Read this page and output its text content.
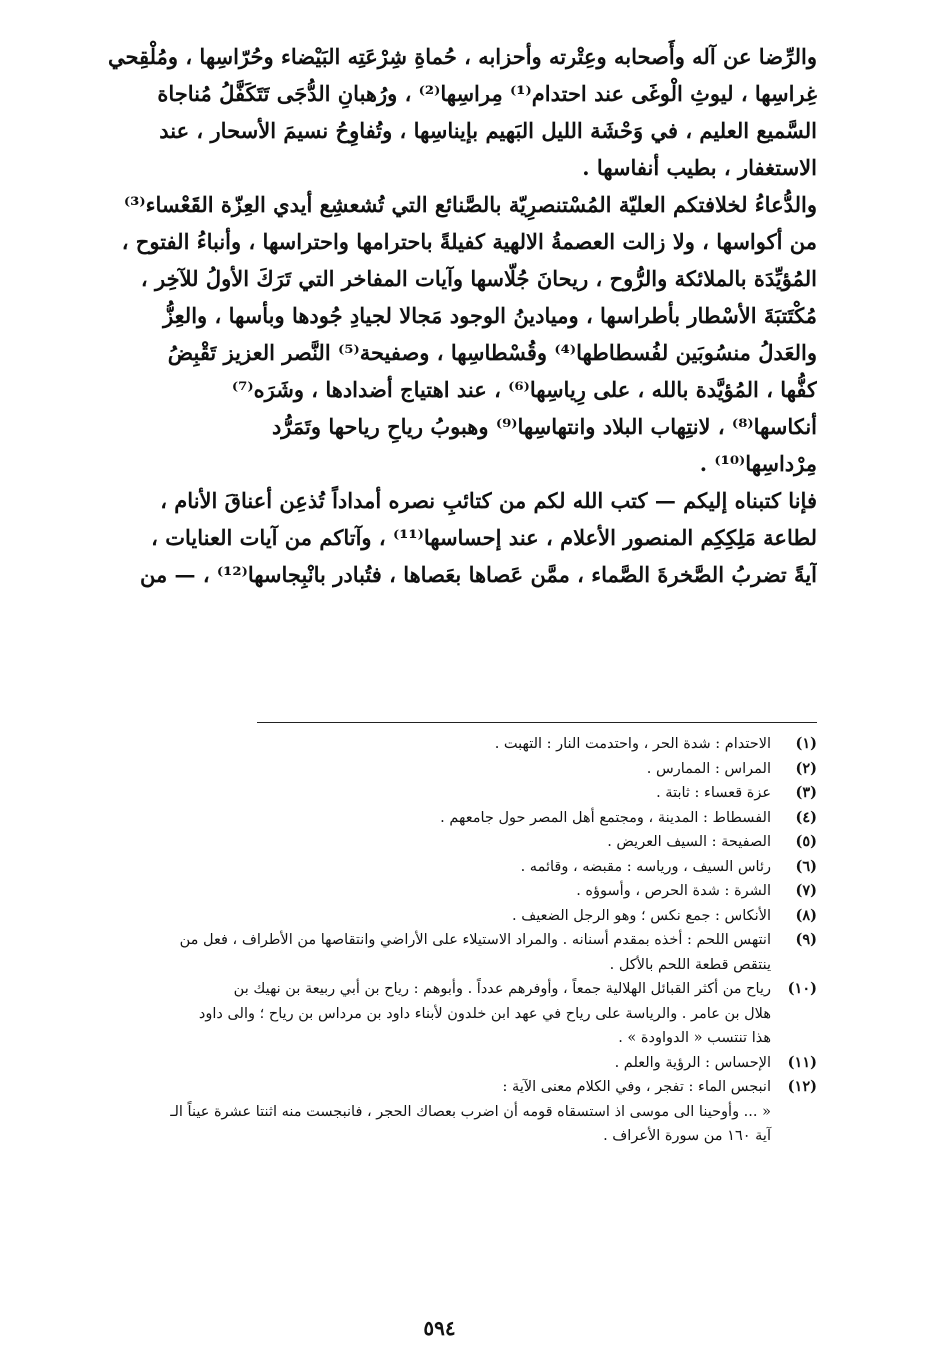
والرِّضا عن آله وأَصحابه وعِتْرته وأحزابه ، حُماةِ شِرْعَتِه البَيْضاء وحُرّاسِها ، ومُلْقِحي
غِراسِها ، ليوثِ الْوغَى عند احتدام⁽¹⁾ مِراسِها⁽²⁾ ، ورُهبانِ الدُّجَى تَتَكَفَّلُ مُناجاة
السَّميع العليم ، في وَحْشَة الليل البَهيم بإيناسِها ، وتُفاوِحُ نسيمَ الأسحار ، عند
الاستغفار ، بطيب أنفاسها .
والدُّعاءُ لخلافتكم العليّة المُسْتنصرِيّة بالصَّنائع التي تُشعشِع أيدي العِزّة القَعْساء⁽³⁾
من أكواسها ، ولا زالت العصمةُ الالهية كفيلةً باحترامها واحتراسها ، وأنباءُ الفتوح ،
المُؤيِّدَة بالملائكة والرُّوح ، ريحانَ جُلّاسها وآيات المفاخر التي تَرَكَ الأولُ للآخِر ،
مُكْتَتبَةَ الأسْطار بأطراسها ، وميادينُ الوجود مَجالا لجيادِ جُودها وبأسها ، والعِزُّ
والعَدلُ منسُوبَين لفُسطاطها⁽⁴⁾ وقُسْطاسِها ، وصفيحة⁽⁵⁾ النَّصر العزيز تَقْبِضُ
كفُّها ، المُؤيَّدة بالله ، على رِياسِها⁽⁶⁾ ، عند اهتياج أضدادها ، وشَرَه⁽⁷⁾
أنكاسها⁽⁸⁾ ، لانتِهاب البلاد وانتهاسِها⁽⁹⁾ وهبوبُ رياحِ رياحها وتَمَرُّد
مِرْداسِها⁽¹⁰⁾ .
فإنا كتبناه إليكم — كتب الله لكم من كتائبِ نصره أمداداً تُذعِن أعناقَ الأنام ،
لطاعة مَلِكِكِم المنصور الأعلام ، عند إحساسها⁽¹¹⁾ ، وآتاكم من آيات العنايات ،
آيةً تضربُ الصَّخرةَ الصَّماء ، ممَّن عَصاها بعَصاها ، فتُبادر بانْبِجاسها⁽¹²⁾ ، — من
(١)الاحتدام : شدة الحر ، واحتدمت النار : التهبت .
(٢)المراس : الممارس .
(٣)عزة قعساء : ثابتة .
(٤)الفسطاط : المدينة ، ومجتمع أهل المصر حول جامعهم .
(٥)الصفيحة : السيف العريض .
(٦)رئاس السيف ، ورياسه : مقبضه ، وقائمه .
(٧)الشرة : شدة الحرص ، وأسوؤه .
(٨)الأنكاس : جمع نكس ؛ وهو الرجل الضعيف .
(٩)انتهس اللحم : أخذه بمقدم أسنانه . والمراد الاستيلاء على الأراضي وانتقاصها من الأطراف ، فعل من
ينتقص قطعة اللحم بالأكل .
(١٠)رياح من أكثر القبائل الهلالية جمعاً ، وأوفرهم عدداً . وأبوهم : رياح بن أبي ربيعة بن نهيك بن
هلال بن عامر . والرياسة على رياح في عهد ابن خلدون لأبناء داود بن مرداس بن رياح ؛ والى داود
هذا تنتسب « الدواودة » .
(١١)الإحساس : الرؤية والعلم .
(١٢)انبجس الماء : تفجر ، وفي الكلام معنى الآية :
« ... وأوحينا الى موسى اذ استسقاه قومه أن اضرب بعصاك الحجر ، فانبجست منه اثنتا عشرة عيناً الـ
آية ١٦٠ من سورة الأعراف .
٥٩٤
